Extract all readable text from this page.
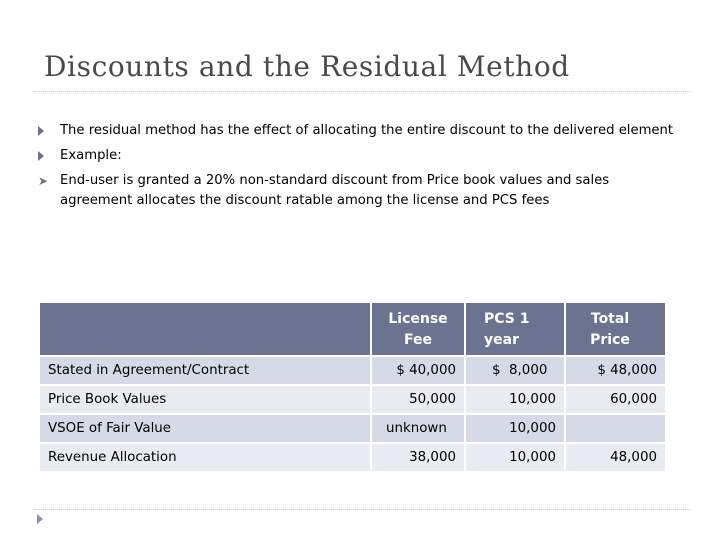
Discounts and the Residual Method
The residual method has the effect of allocating the entire discount to the delivered element
Example:
➤ End-user is granted a 20% non-standard discount from Price book values and sales agreement allocates the discount ratable among the license and PCS fees
	License Fee	PCS 1 year	Total Price
Stated in Agreement/Contract	$ 40,000	$  8,000	$ 48,000
Price Book Values	50,000	10,000	60,000
VSOE of Fair Value	unknown	10,000	
Revenue Allocation	38,000	10,000	48,000
